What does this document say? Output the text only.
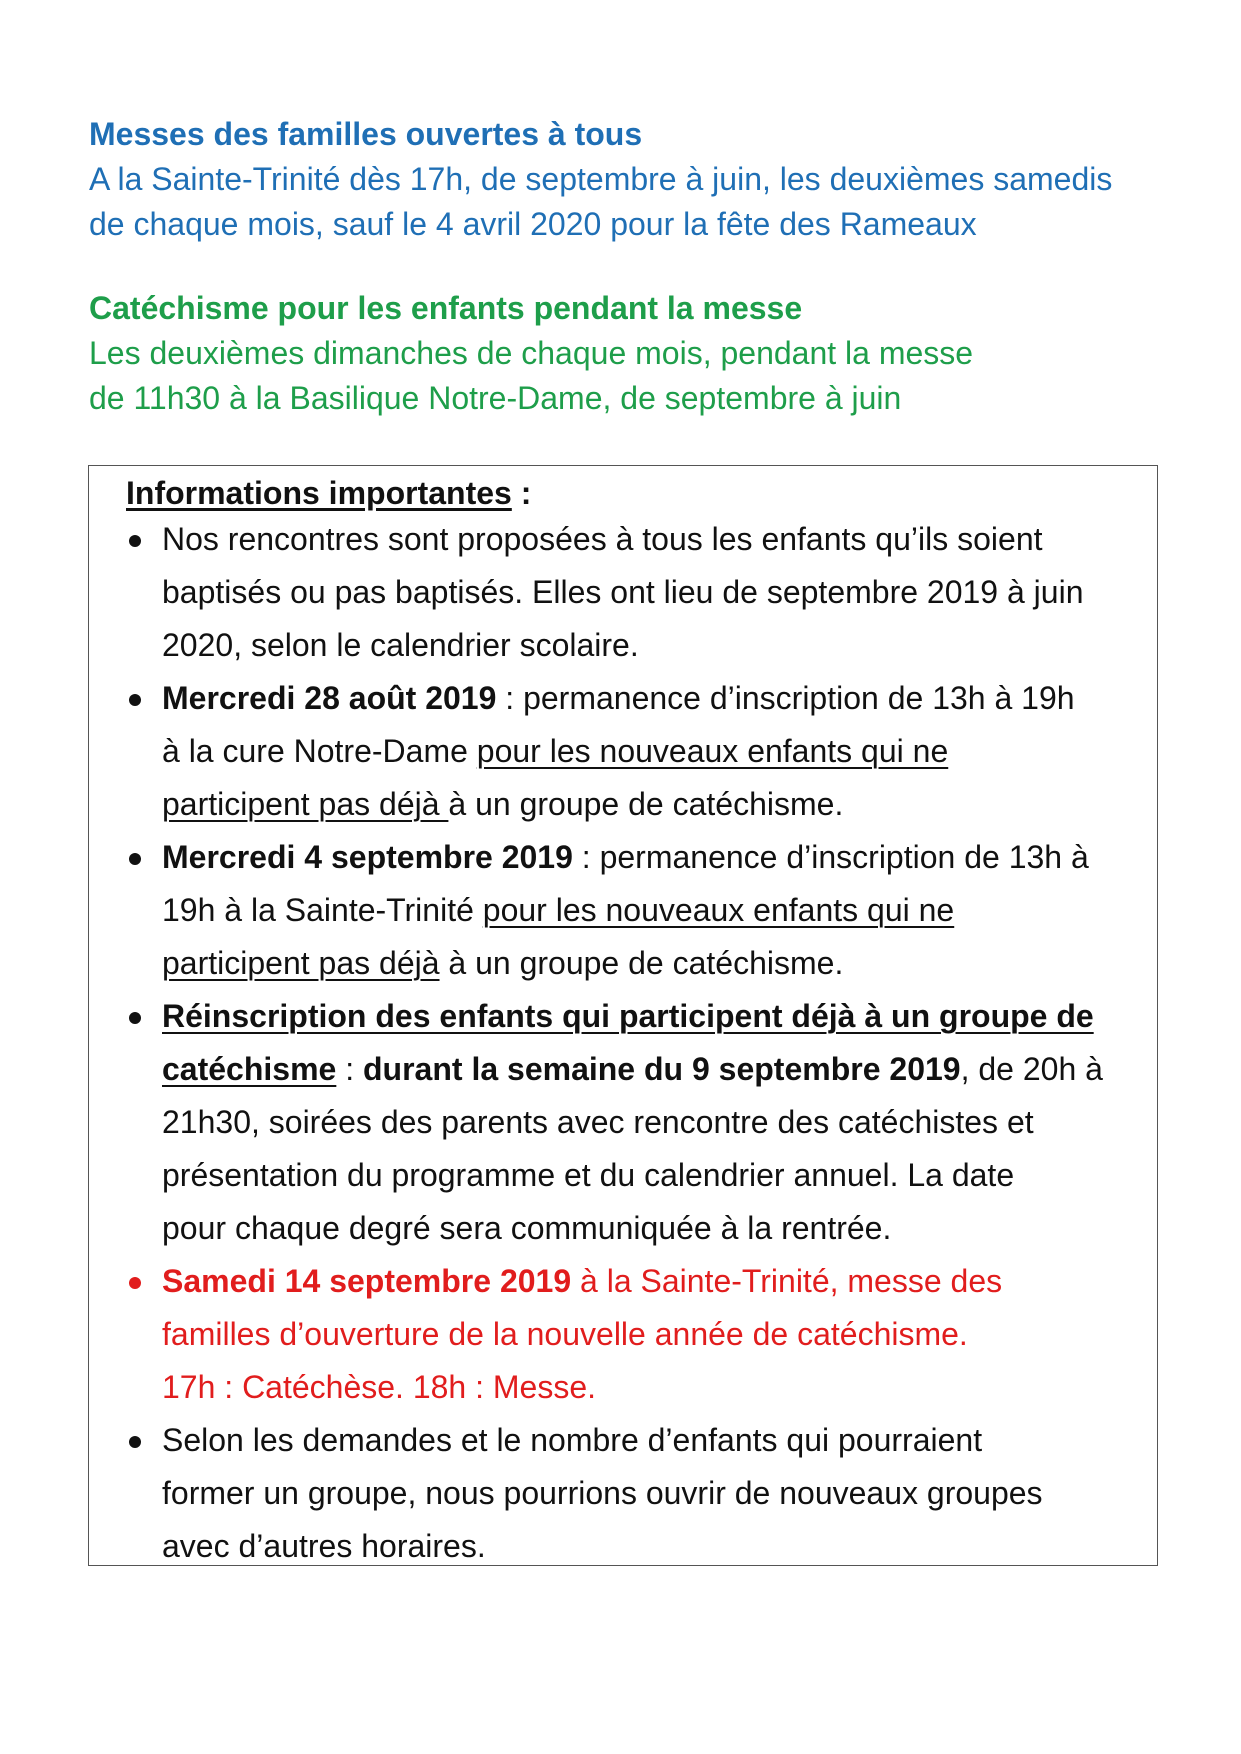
Messes des familles ouvertes à tous
A la Sainte-Trinité dès 17h, de septembre à juin, les deuxièmes samedis
de chaque mois, sauf le 4 avril 2020 pour la fête des Rameaux
Catéchisme pour les enfants pendant la messe
Les deuxièmes dimanches de chaque mois, pendant la messe
de 11h30 à la Basilique Notre-Dame, de septembre à juin
Informations importantes :
Nos rencontres sont proposées à tous les enfants qu’ils soient
baptisés ou pas baptisés. Elles ont lieu de septembre 2019 à juin
2020, selon le calendrier scolaire.
Mercredi 28 août 2019 : permanence d’inscription de 13h à 19h
à la cure Notre-Dame pour les nouveaux enfants qui ne
participent pas déjà à un groupe de catéchisme.
Mercredi 4 septembre 2019 : permanence d’inscription de 13h à
19h à la Sainte-Trinité pour les nouveaux enfants qui ne
participent pas déjà à un groupe de catéchisme.
Réinscription des enfants qui participent déjà à un groupe de
catéchisme : durant la semaine du 9 septembre 2019, de 20h à
21h30, soirées des parents avec rencontre des catéchistes et
présentation du programme et du calendrier annuel. La date
pour chaque degré sera communiquée à la rentrée.
Samedi 14 septembre 2019 à la Sainte-Trinité, messe des
familles d’ouverture de la nouvelle année de catéchisme.
17h : Catéchèse. 18h : Messe.
Selon les demandes et le nombre d’enfants qui pourraient
former un groupe, nous pourrions ouvrir de nouveaux groupes
avec d’autres horaires.
